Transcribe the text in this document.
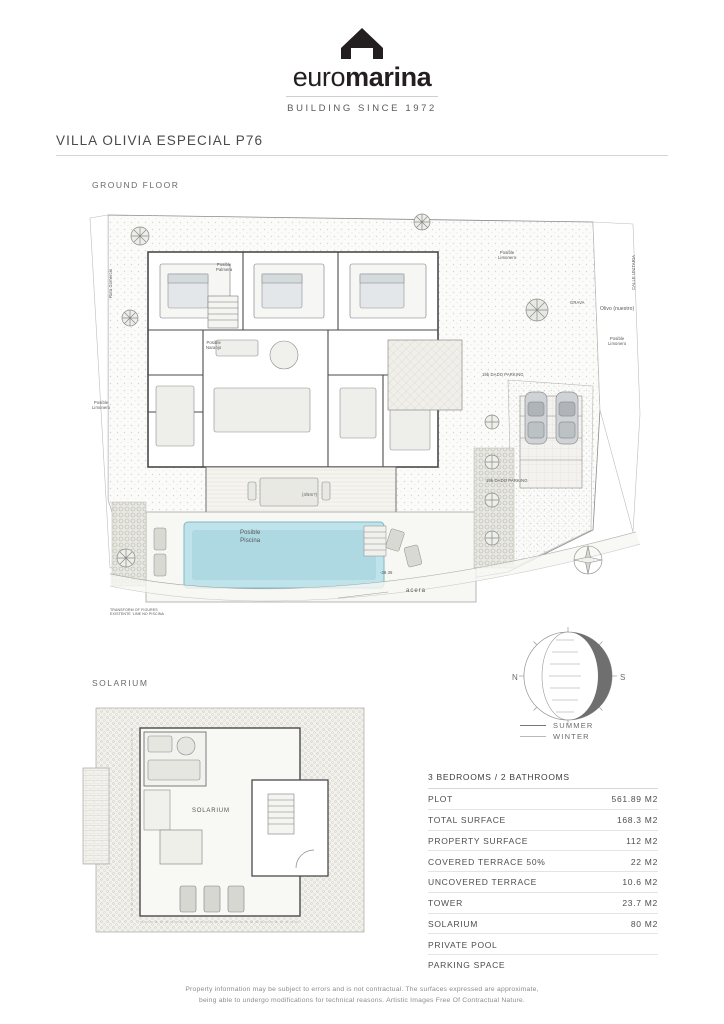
euromarina
BUILDING SINCE 1972
VILLA OLIVIA ESPECIAL P76
GROUND FLOOR
SOLARIUM
Posible
Palmera
Posible
Limonero
Posible
Naranjo
Posible
Limonero
Posible
Limonero
Olivo (nuestro)
GRAVA
Ruta Comercio	CALLE UNITARIA
acera
Posible
Piscina
19b DADO PARKING
19b DADO PARKING
-29.36
(4/5m?)
TRANSFORM OF FIGURES
EXISTENTE 'LINE NO PISCINA
SOLARIUM
N	S
SUMMER
WINTER
3 BEDROOMS / 2 BATHROOMS
PLOT	561.89 M2
TOTAL SURFACE	168.3 M2
PROPERTY SURFACE	112 M2
COVERED TERRACE 50%	22 M2
UNCOVERED TERRACE	10.6 M2
TOWER	23.7 M2
SOLARIUM	80 M2
PRIVATE POOL
PARKING SPACE
Property information may be subject to errors and is not contractual. The surfaces expressed are approximate,
being able to undergo modifications for technical reasons. Artistic Images Free Of Contractual Nature.
